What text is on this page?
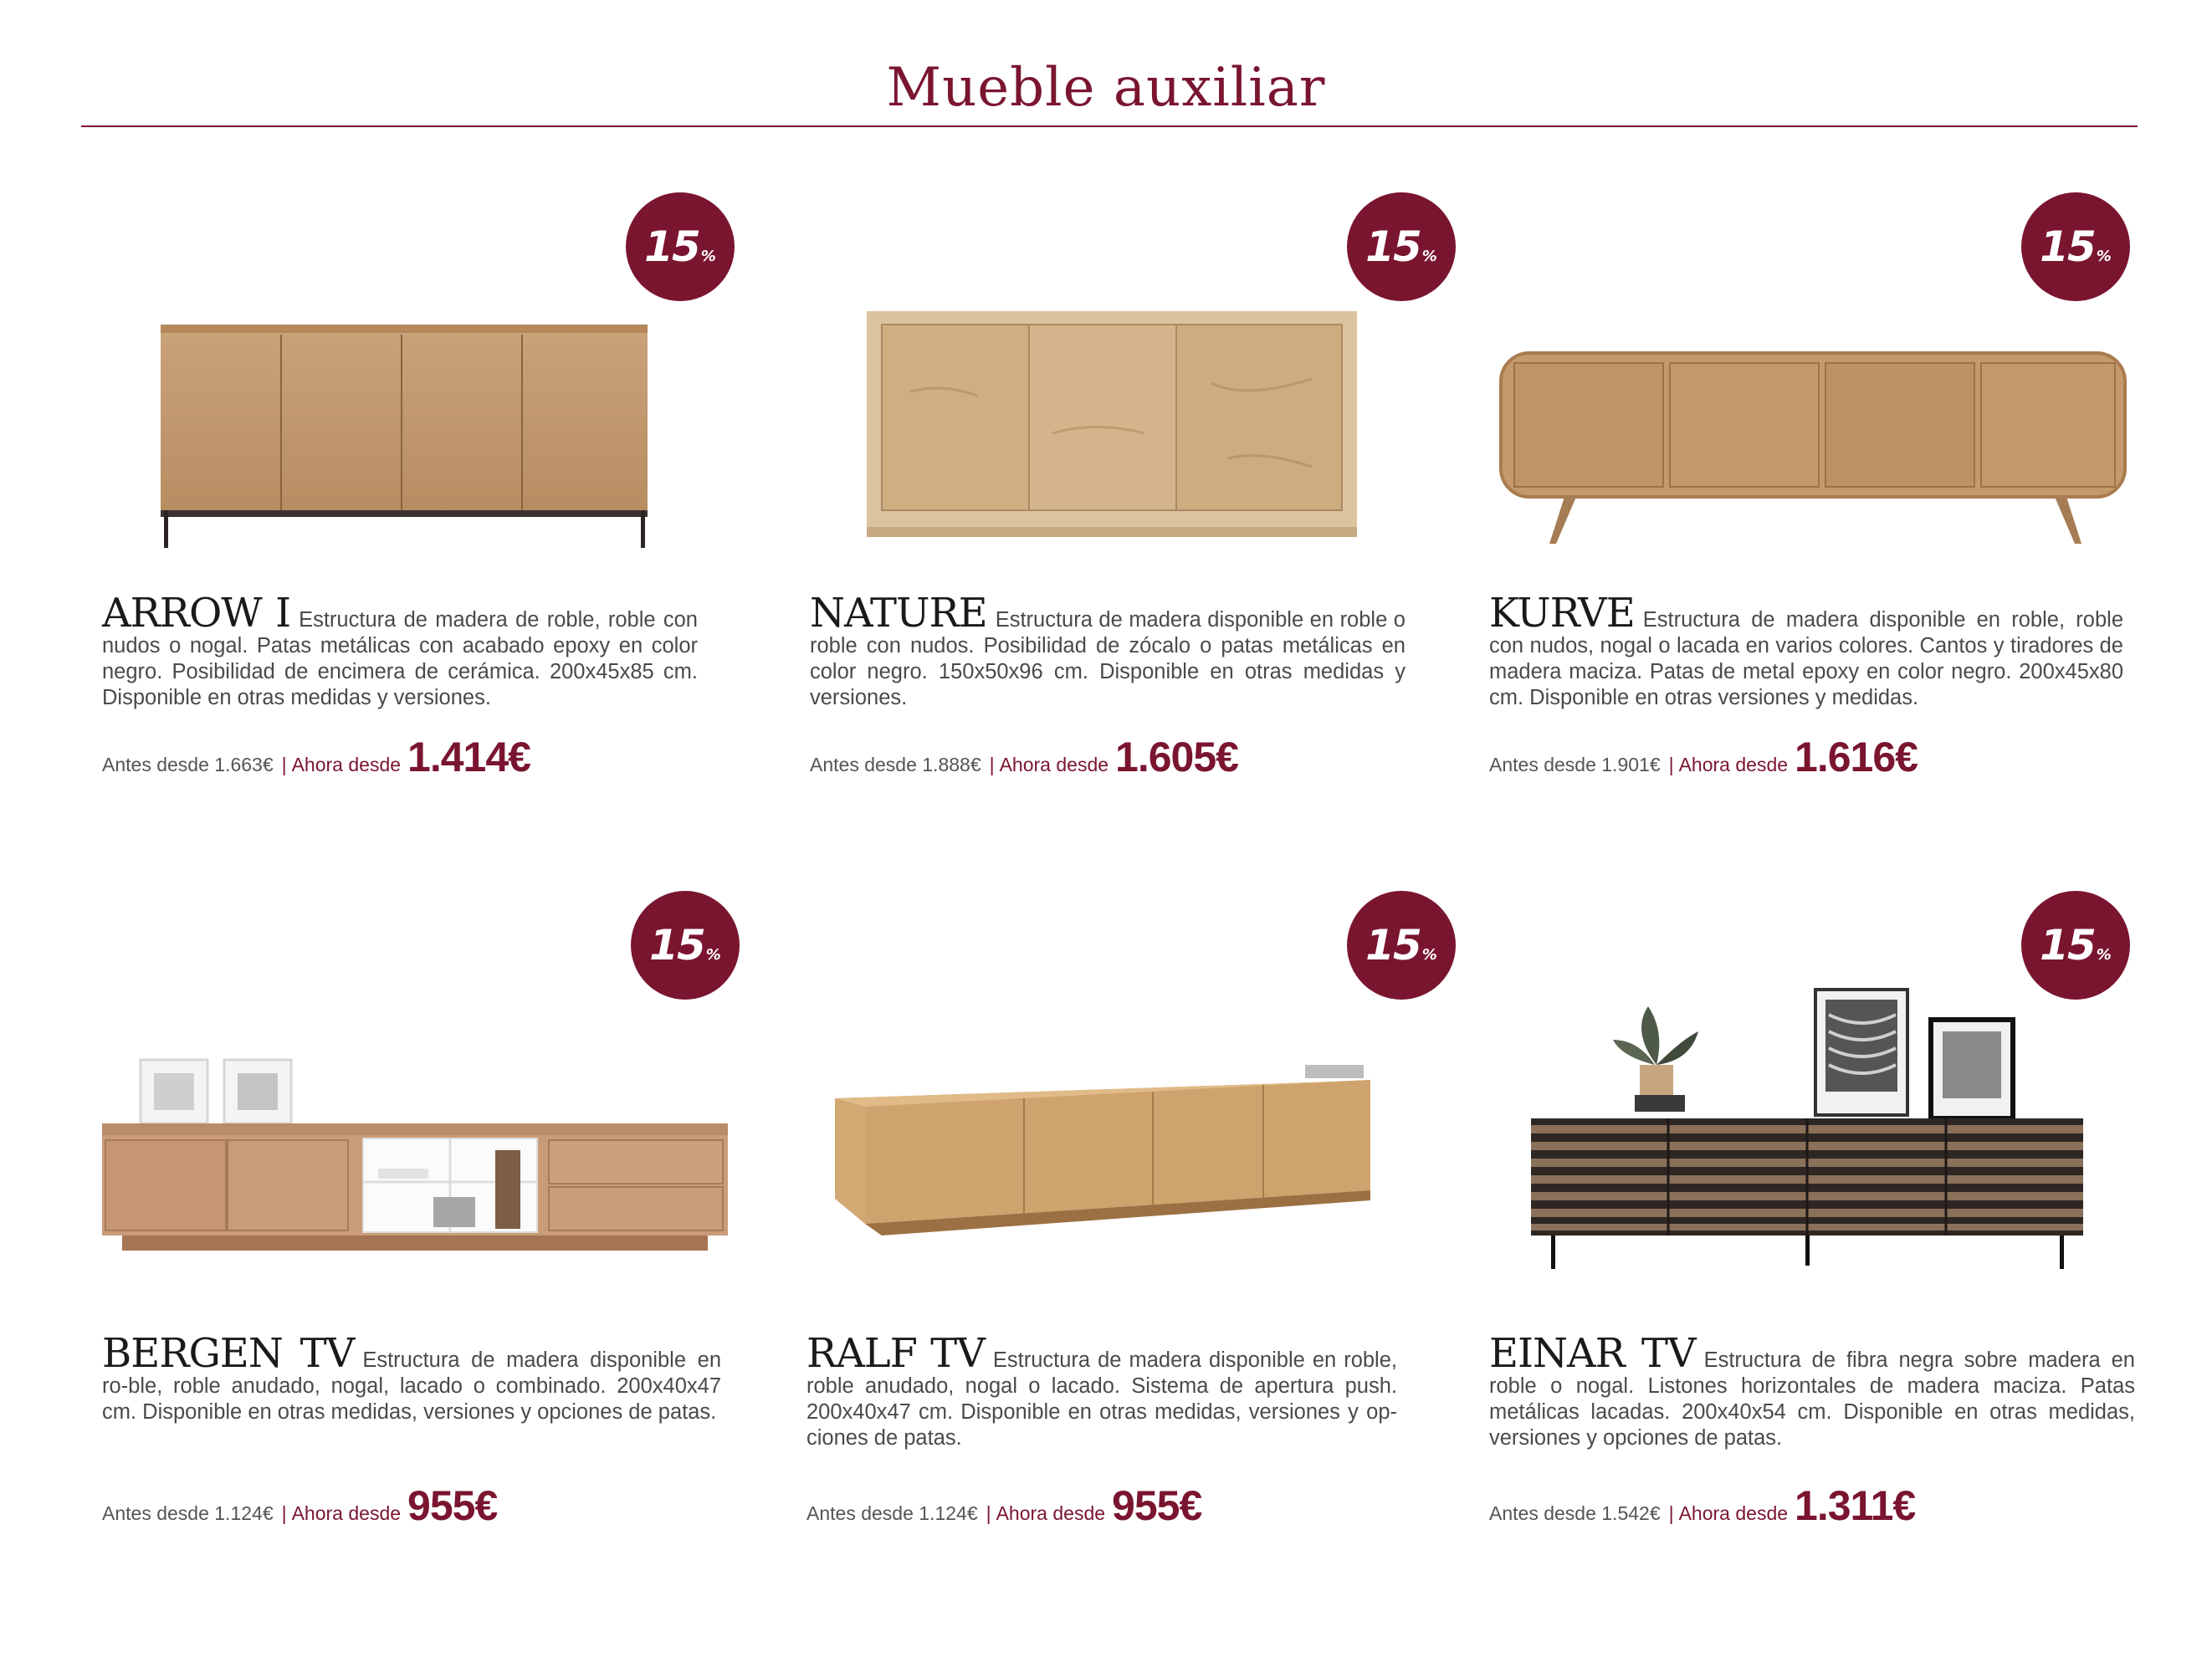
Mueble auxiliar
15 %

ARROW I Estructura de madera de roble, roble con nudos o nogal. Patas metálicas con acabado epoxy en color negro. Posibilidad de encimera de cerámica. 200x45x85 cm. Disponible en otras medidas y versiones.

Antes desde 1.663€ | Ahora desde 1.414€
15 %

NATURE Estructura de madera disponible en roble o roble con nudos. Posibilidad de zócalo o patas metálicas en color negro. 150x50x96 cm. Disponible en otras medidas y versiones.

Antes desde 1.888€ | Ahora desde 1.605€
15 %

KURVE Estructura de madera disponible en roble, roble con nudos, nogal o lacada en varios colores. Cantos y tiradores de madera maciza. Patas de metal epoxy en color negro. 200x45x80 cm. Disponible en otras versiones y medidas.

Antes desde 1.901€ | Ahora desde 1.616€
15 %

BERGEN TV Estructura de madera disponible en ro-ble, roble anudado, nogal, lacado o combinado. 200x40x47 cm. Disponible en otras medidas, versiones y opciones de patas.

Antes desde 1.124€ | Ahora desde 955€
15 %

RALF TV Estructura de madera disponible en roble, roble anudado, nogal o lacado. Sistema de apertura push. 200x40x47 cm. Disponible en otras medidas, versiones y op-ciones de patas.

Antes desde 1.124€ | Ahora desde 955€
15 %

EINAR TV Estructura de fibra negra sobre madera en roble o nogal. Listones horizontales de madera maciza. Patas metálicas lacadas. 200x40x54 cm. Disponible en otras medidas, versiones y opciones de patas.

Antes desde 1.542€ | Ahora desde 1.311€
